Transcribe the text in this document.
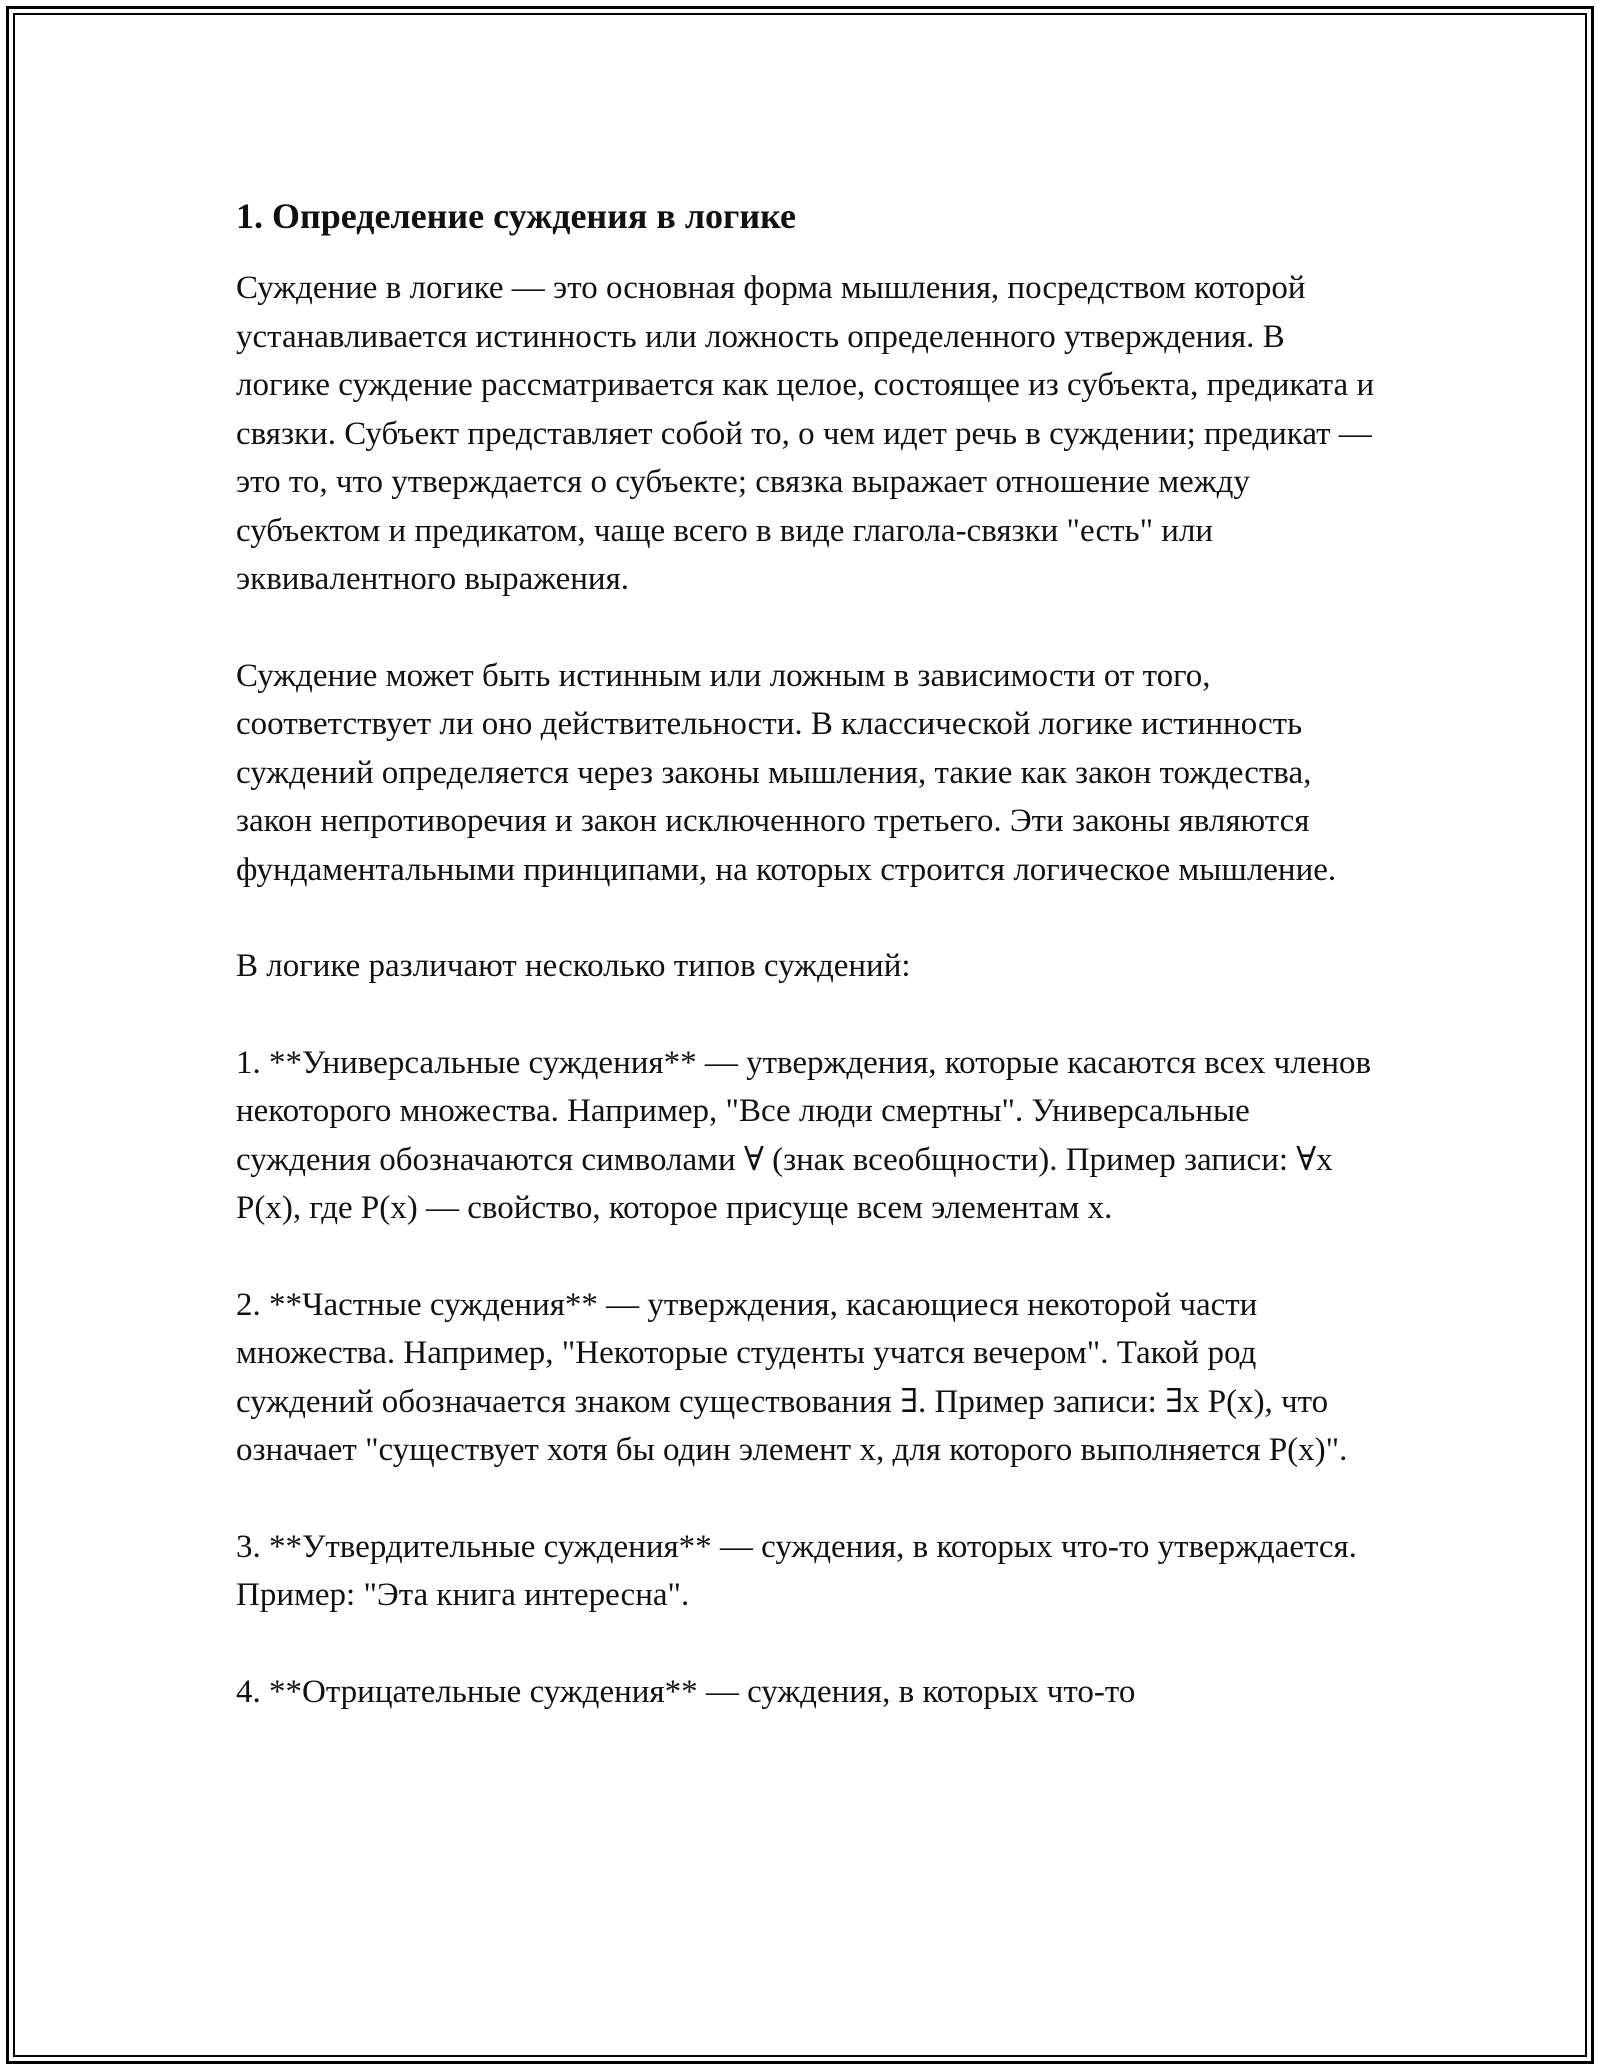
1. Определение суждения в логике

Суждение в логике — это основная форма мышления, посредством которой устанавливается истинность или ложность определенного утверждения. В логике суждение рассматривается как целое, состоящее из субъекта, предиката и связки. Субъект представляет собой то, о чем идет речь в суждении; предикат — это то, что утверждается о субъекте; связка выражает отношение между субъектом и предикатом, чаще всего в виде глагола-связки "есть" или эквивалентного выражения.

Суждение может быть истинным или ложным в зависимости от того, соответствует ли оно действительности. В классической логике истинность суждений определяется через законы мышления, такие как закон тождества, закон непротиворечия и закон исключенного третьего. Эти законы являются фундаментальными принципами, на которых строится логическое мышление.

В логике различают несколько типов суждений:

1. **Универсальные суждения** — утверждения, которые касаются всех членов некоторого множества. Например, "Все люди смертны". Универсальные суждения обозначаются символами ∀ (знак всеобщности). Пример записи: ∀x P(x), где P(x) — свойство, которое присуще всем элементам x.

2. **Частные суждения** — утверждения, касающиеся некоторой части множества. Например, "Некоторые студенты учатся вечером". Такой род суждений обозначается знаком существования ∃. Пример записи: ∃x P(x), что означает "существует хотя бы один элемент x, для которого выполняется P(x)".

3. **Утвердительные суждения** — суждения, в которых что-то утверждается. Пример: "Эта книга интересна".

4. **Отрицательные суждения** — суждения, в которых что-то
